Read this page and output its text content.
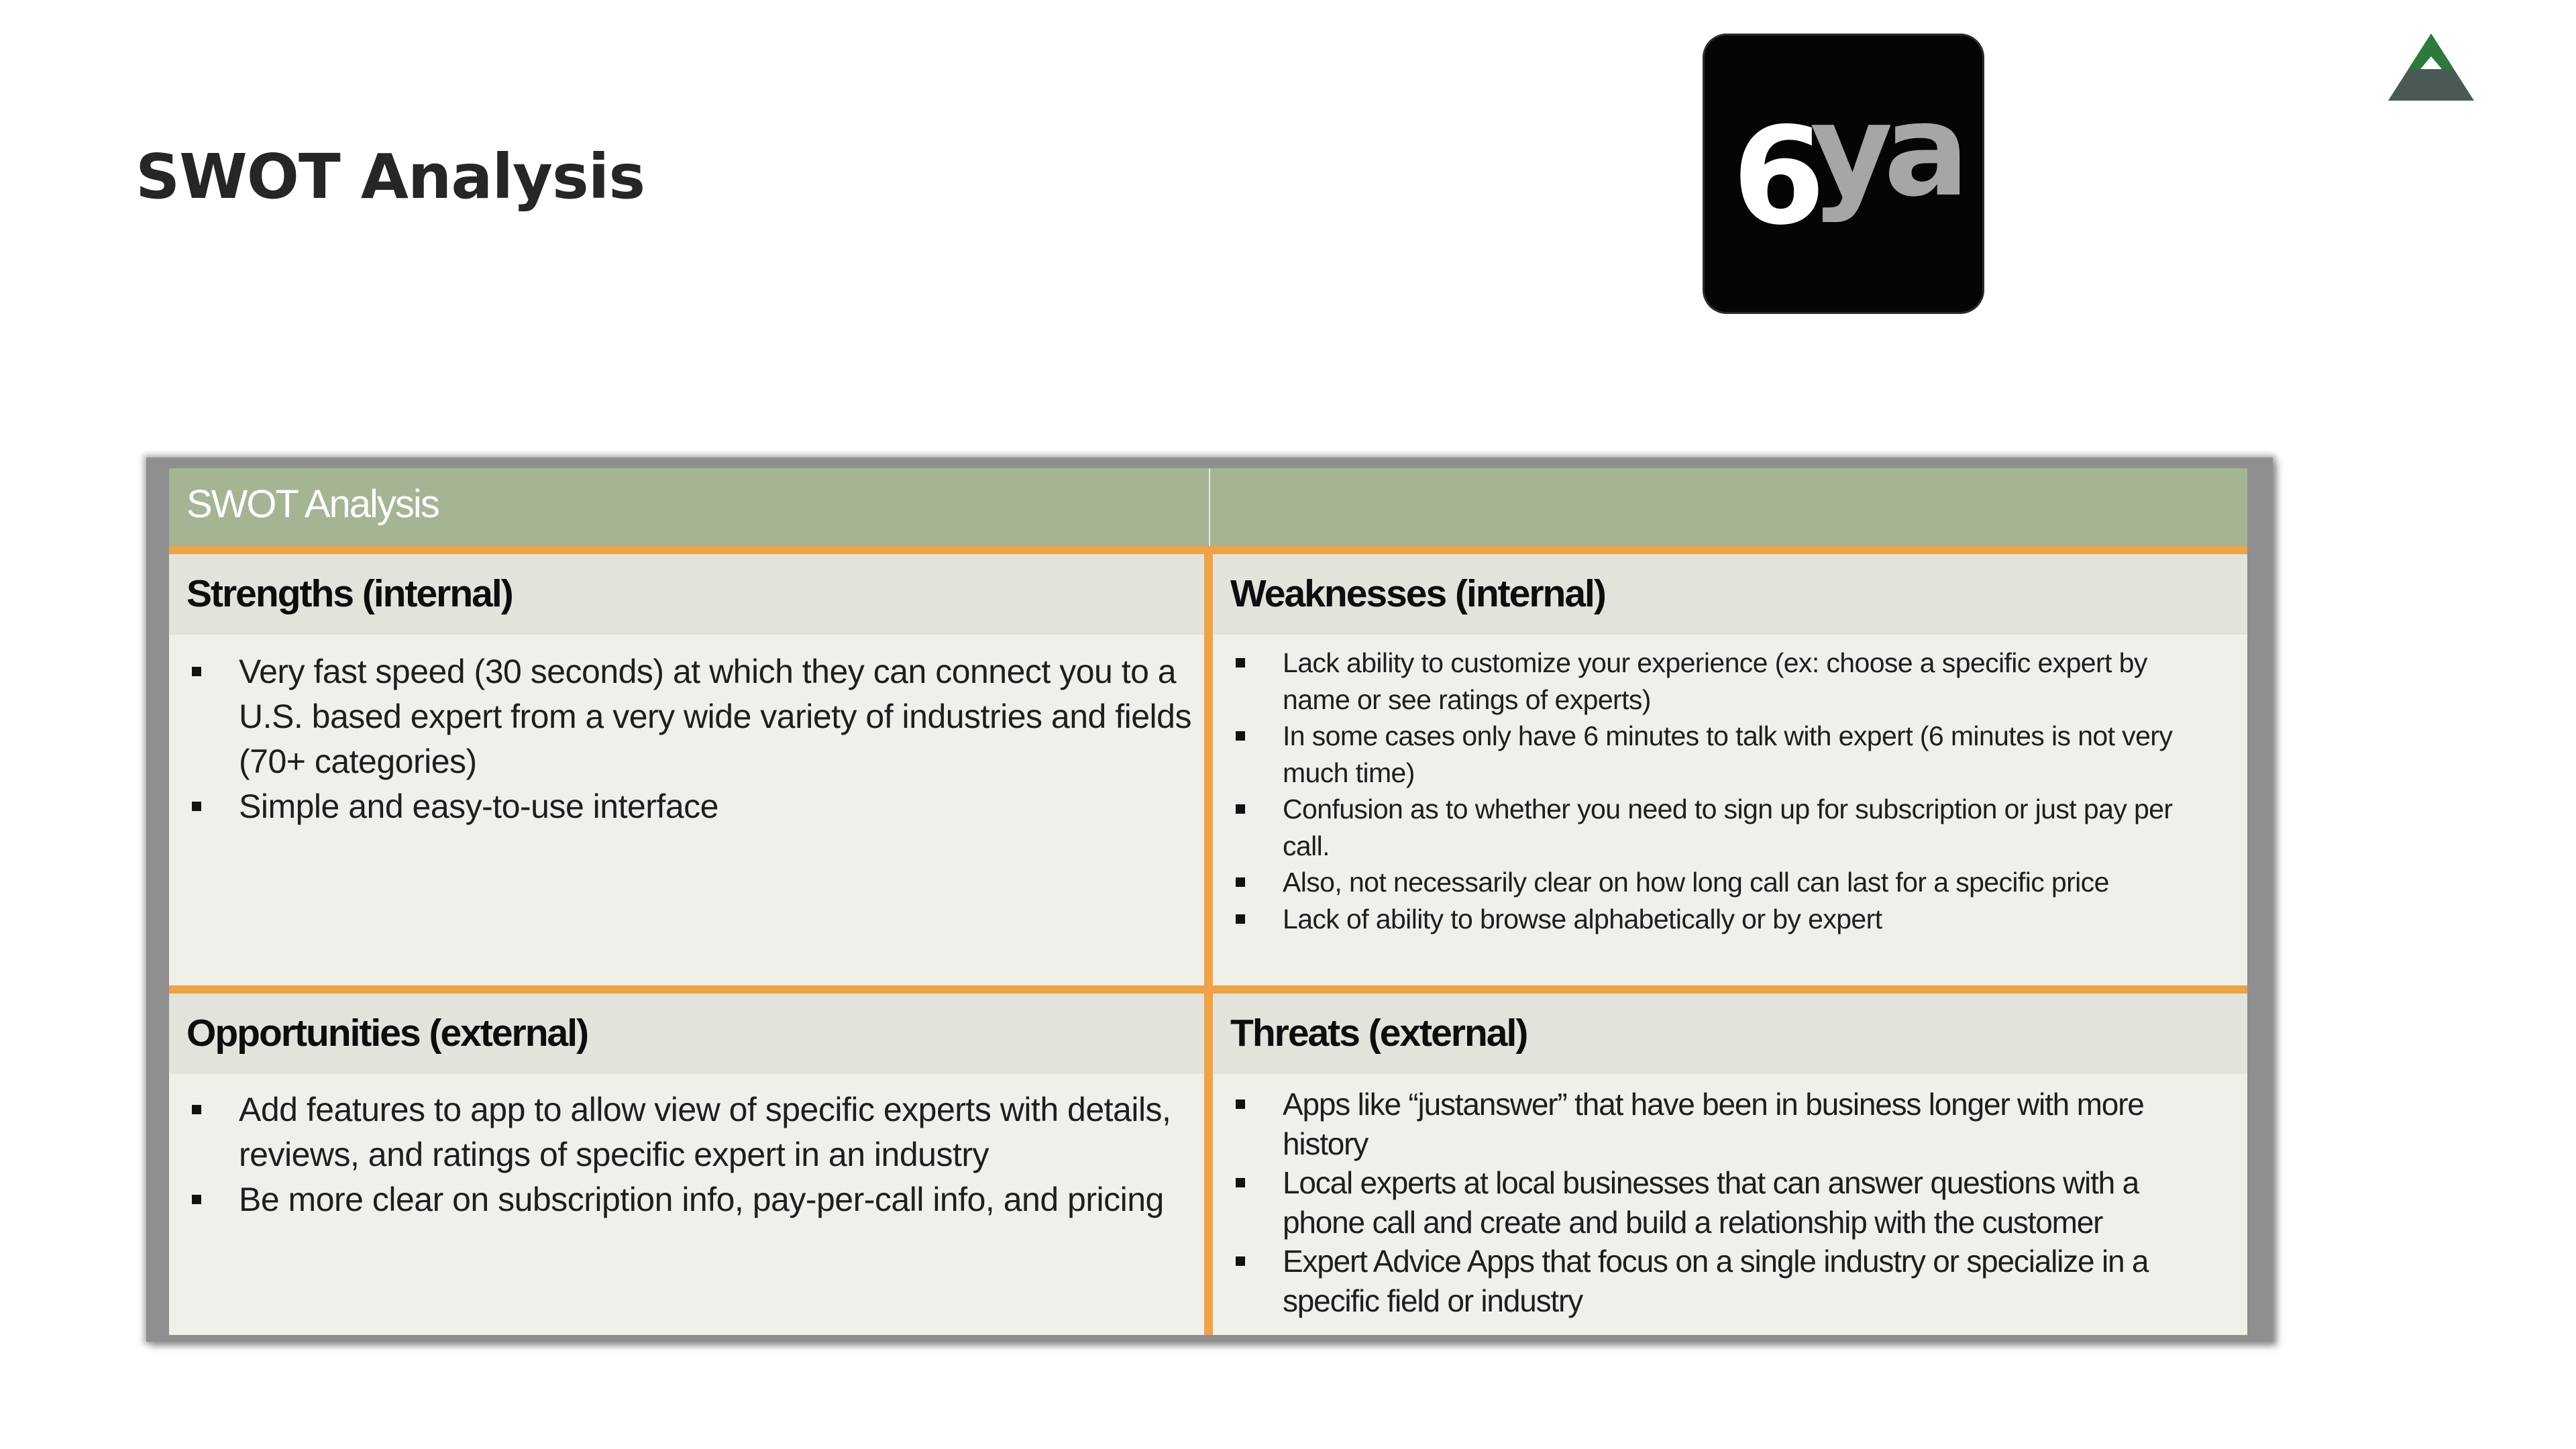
SWOT Analysis	6
ya
SWOT Analysis
Strengths (internal)
Very fast speed (30 seconds) at which they can connect you to a U.S. based expert from a very wide variety of industries and fields (70+ categories)
Simple and easy-to-use interface
Weaknesses (internal)
Lack ability to customize your experience (ex: choose a specific expert by name or see ratings of experts)
In some cases only have 6 minutes to talk with expert (6 minutes is not very much time)
Confusion as to whether you need to sign up for subscription or just pay per call.
Also, not necessarily clear on how long call can last for a specific price
Lack of ability to browse alphabetically or by expert
Opportunities (external)
Add features to app to allow view of specific experts with details, reviews, and ratings of specific expert in an industry
Be more clear on subscription info, pay-per-call info, and pricing
Threats (external)
Apps like “justanswer” that have been in business longer with more history
Local experts at local businesses that can answer questions with a phone call and create and build a relationship with the customer
Expert Advice Apps that focus on a single industry or specialize in a specific field or industry
